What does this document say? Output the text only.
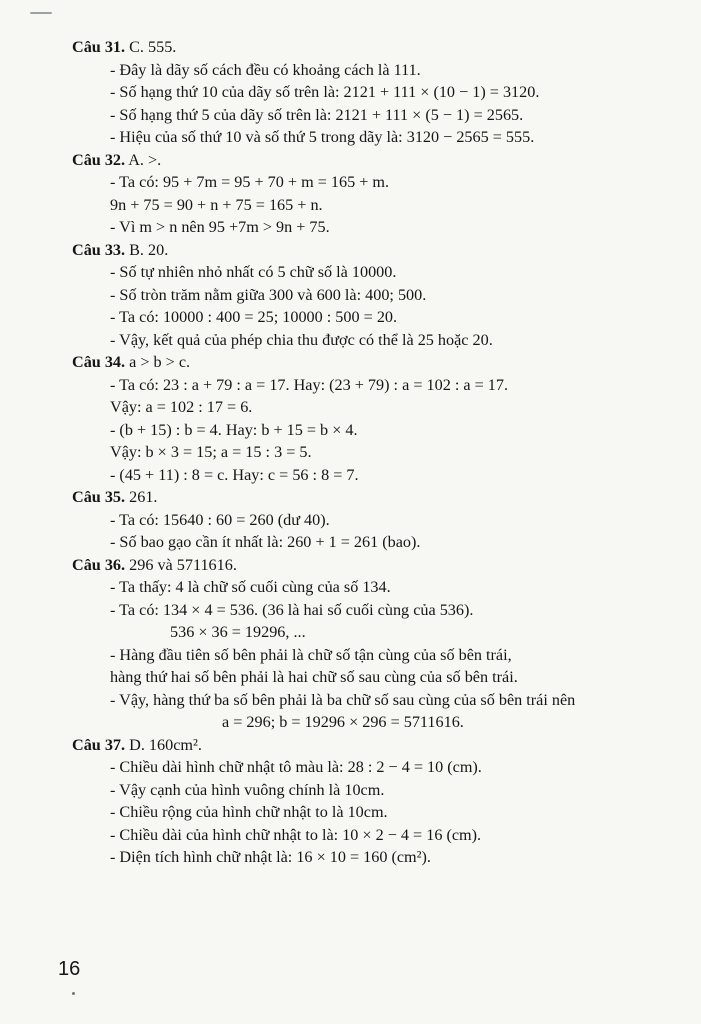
Câu 31. C. 555.
- Đây là dãy số cách đều có khoảng cách là 111.
- Số hạng thứ 10 của dãy số trên là: 2121 + 111 × (10 − 1) = 3120.
- Số hạng thứ 5 của dãy số trên là: 2121 + 111 × (5 − 1) = 2565.
- Hiệu của số thứ 10 và số thứ 5 trong dãy là: 3120 − 2565 = 555.
Câu 32. A. >.
- Ta có: 95 + 7m = 95 + 70 + m = 165 + m.
9n + 75 = 90 + n + 75 = 165 + n.
- Vì m > n nên 95 +7m > 9n + 75.
Câu 33. B. 20.
- Số tự nhiên nhỏ nhất có 5 chữ số là 10000.
- Số tròn trăm nằm giữa 300 và 600 là: 400; 500.
- Ta có: 10000 : 400 = 25; 10000 : 500 = 20.
- Vậy, kết quả của phép chia thu được có thể là 25 hoặc 20.
Câu 34. a > b > c.
- Ta có: 23 : a + 79 : a = 17. Hay: (23 + 79) : a = 102 : a = 17.
Vậy: a = 102 : 17 = 6.
- (b + 15) : b = 4. Hay: b + 15 = b × 4.
Vậy: b × 3 = 15; a = 15 : 3 = 5.
- (45 + 11) : 8 = c. Hay: c = 56 : 8 = 7.
Câu 35. 261.
- Ta có: 15640 : 60 = 260 (dư 40).
- Số bao gạo cần ít nhất là: 260 + 1 = 261 (bao).
Câu 36. 296 và 5711616.
- Ta thấy: 4 là chữ số cuối cùng của số 134.
- Ta có: 134 × 4 = 536. (36 là hai số cuối cùng của 536).
536 × 36 = 19296, ...
- Hàng đầu tiên số bên phải là chữ số tận cùng của số bên trái,
hàng thứ hai số bên phải là hai chữ số sau cùng của số bên trái.
- Vậy, hàng thứ ba số bên phải là ba chữ số sau cùng của số bên trái nên
a = 296; b = 19296 × 296 = 5711616.
Câu 37. D. 160cm².
- Chiều dài hình chữ nhật tô màu là: 28 : 2 − 4 = 10 (cm).
- Vậy cạnh của hình vuông chính là 10cm.
- Chiều rộng của hình chữ nhật to là 10cm.
- Chiều dài của hình chữ nhật to là: 10 × 2 − 4 = 16 (cm).
- Diện tích hình chữ nhật là: 16 × 10 = 160 (cm²).
16
